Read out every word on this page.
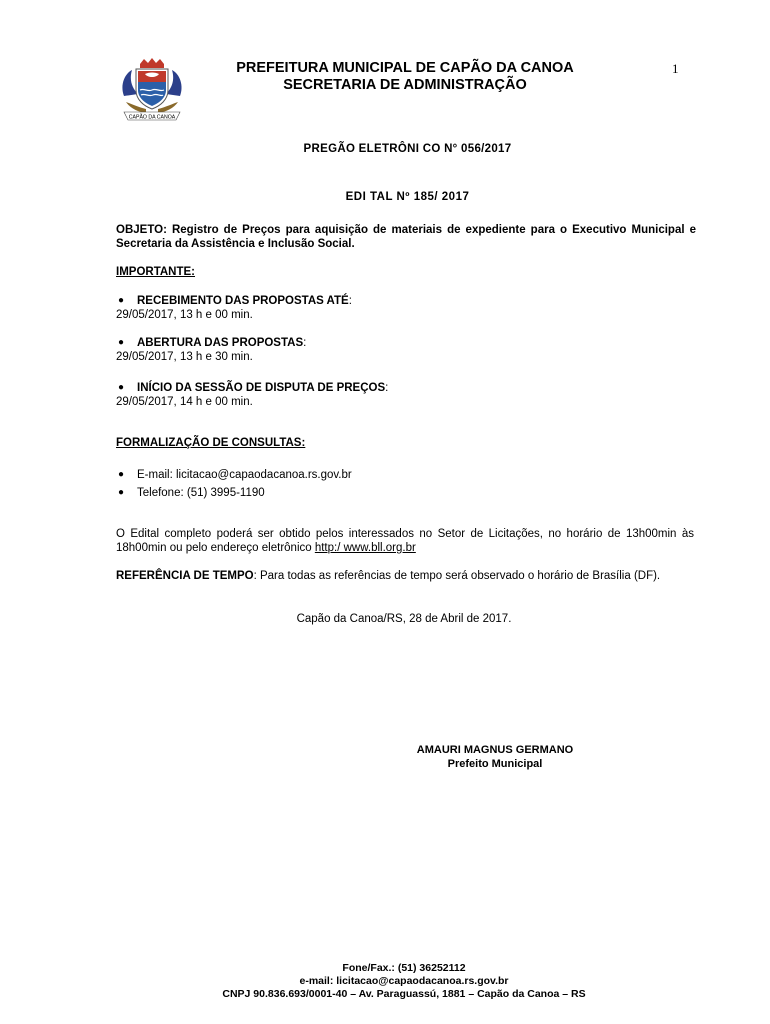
CAPÃO DA CANOA
PREFEITURA MUNICIPAL DE CAPÃO DA CANOA
SECRETARIA DE ADMINISTRAÇÃO
1
PREGÃO ELETRÔNI CO N° 056/2017
EDI TAL Nº 185/ 2017
OBJETO: Registro de Preços para aquisição de materiais de expediente para o Executivo Municipal e Secretaria da Assistência e Inclusão Social.
IMPORTANTE:
●	RECEBIMENTO DAS PROPOSTAS ATÉ :
29/05/2017, 13 h e 00 min.
●	ABERTURA DAS PROPOSTAS :
29/05/2017, 13 h e 30 min.
●	INÍCIO DA SESSÃO DE DISPUTA DE PREÇOS :
29/05/2017, 14 h e 00 min.
FORMALIZAÇÃO DE CONSULTAS:
●	E-mail: licitacao@capaodacanoa.rs.gov.br
●	Telefone: (51) 3995-1190
O Edital completo poderá ser obtido pelos interessados no Setor de Licitações, no horário de 13h00min às 18h00min ou pelo endereço eletrônico http:/ www.bll.org.br
REFERÊNCIA DE TEMPO: Para todas as referências de tempo será observado o horário de Brasília (DF).
Capão da Canoa/RS, 28 de Abril de 2017.
AMAURI MAGNUS GERMANO
Prefeito Municipal
Fone/Fax.: (51) 36252112
e-mail: licitacao@capaodacanoa.rs.gov.br
CNPJ 90.836.693/0001-40 – Av. Paraguassú, 1881 – Capão da Canoa – RS
